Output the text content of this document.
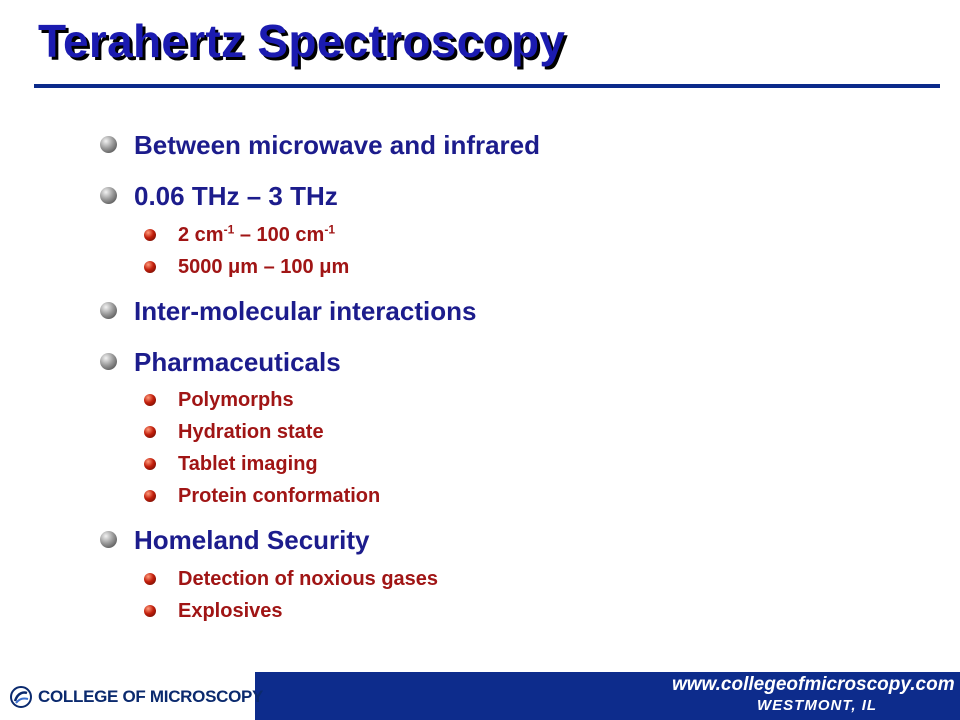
Terahertz Spectroscopy
Between microwave and infrared
0.06 THz – 3 THz
2 $cm^{-1} - 100$ $cm^{-1}$
5000 μm – 100 μm
Inter-molecular interactions
Pharmaceuticals
Polymorphs
Hydration state
Tablet imaging
Protein conformation
Homeland Security
Detection of noxious gases
Explosives
COLLEGE OF MICROSCOPY
www.collegeofmicroscopy.com
WESTMONT, IL
